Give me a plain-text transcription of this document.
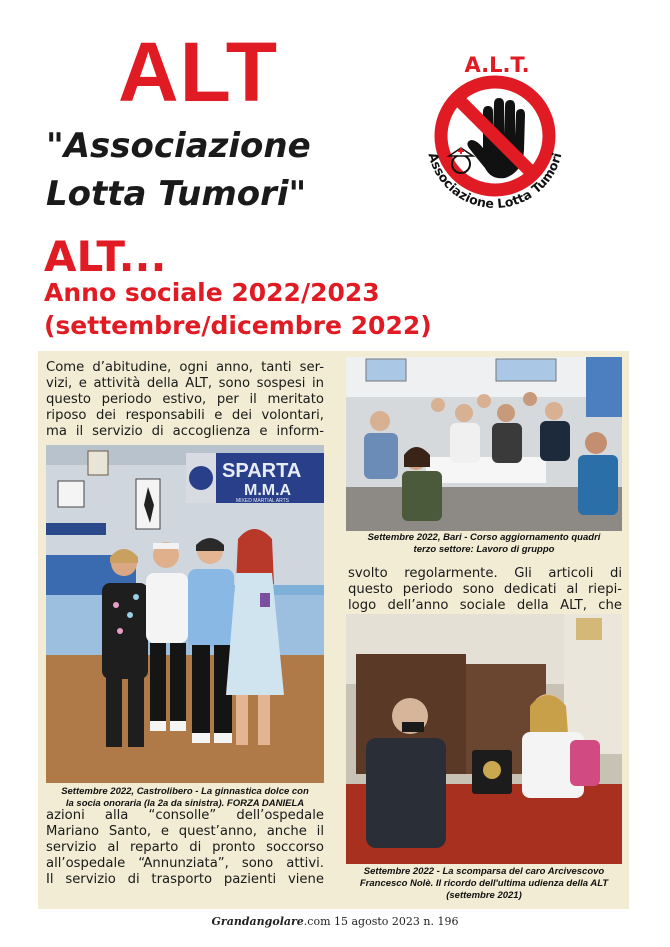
ALT
"Associazione
Lotta Tumori"
ALT...
Anno sociale 2022/2023
(settembre/dicembre 2022)
A.L.T.
Associazione Lotta Tumori
Come d’abitudine, ogni anno, tanti ser-
vizi, e attività della ALT, sono sospesi in
questo periodo estivo, per il meritato
riposo dei responsabili e dei volontari,
ma il servizio di accoglienza e inform-
SPARTA
M.M.A
MIXED MARTIAL ARTS
Settembre 2022, Castrolibero - La ginnastica dolce con
la socia onoraria (la 2a da sinistra). FORZA DANIELA
azioni alla “consolle” dell’ospedale
Mariano Santo, e quest’anno, anche il
servizio al reparto di pronto soccorso
all’ospedale “Annunziata”, sono attivi.
Il servizio di trasporto pazienti viene
Settembre 2022, Bari - Corso aggiornamento quadri
terzo settore: Lavoro di gruppo
svolto regolarmente. Gli articoli di
questo periodo sono dedicati al riepi-
logo dell’anno sociale della ALT, che
Settembre 2022 - La scomparsa del caro Arcivescovo
Francesco Nolè. Il ricordo dell'ultima udienza della ALT
(settembre 2021)
Grandangolare.com 15 agosto 2023 n. 196
